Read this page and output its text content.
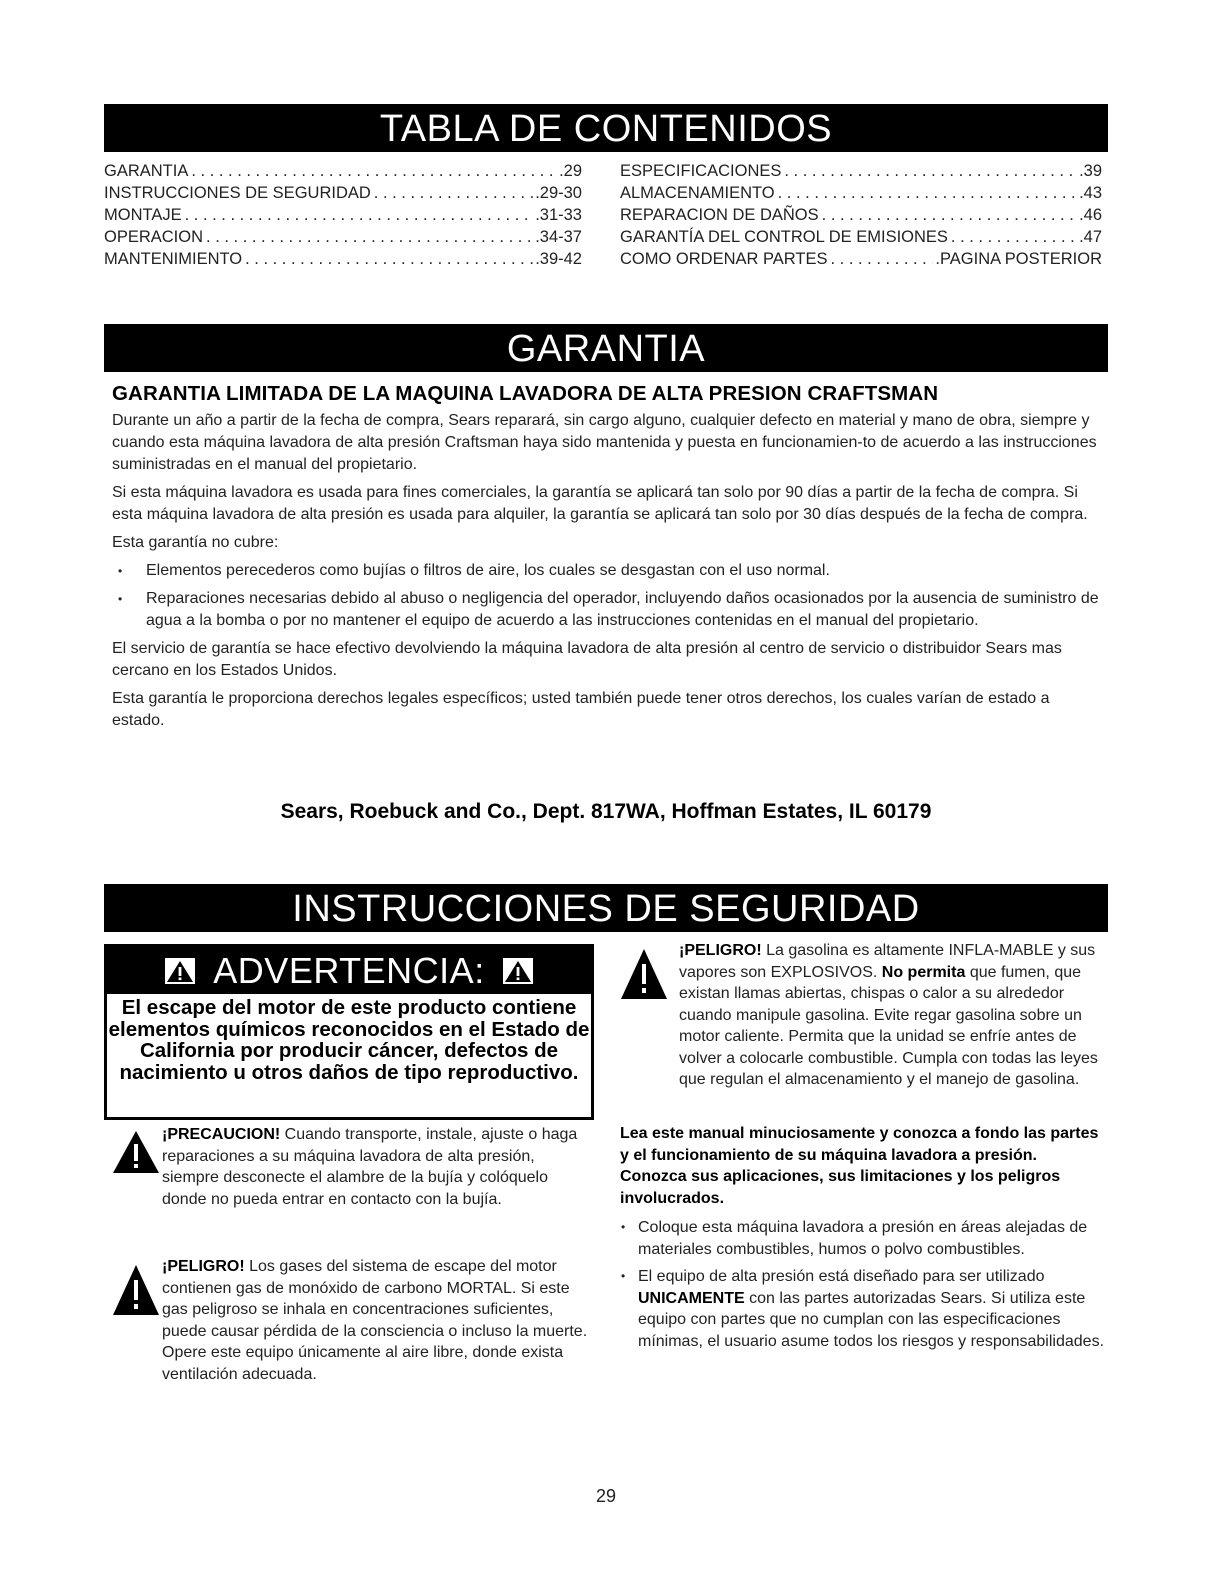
TABLA DE CONTENIDOS
GARANTIA . . .	.29
INSTRUCCIONES DE SEGURIDAD . . .	.29-30
MONTAJE . . .	.31-33
OPERACION . . .	.34-37
MANTENIMIENTO . . .	.39-42
ESPECIFICACIONES . . .	.39
ALMACENAMIENTO . . .	.43
REPARACION DE DAÑOS . . .	.46
GARANTÍA DEL CONTROL DE EMISIONES . . .	.47
COMO ORDENAR PARTES . . .	.PAGINA POSTERIOR
GARANTIA
GARANTIA LIMITADA DE LA MAQUINA LAVADORA DE ALTA PRESION CRAFTSMAN

Durante un año a partir de la fecha de compra, Sears reparará, sin cargo alguno, cualquier defecto en material y mano de obra, siempre y cuando esta máquina lavadora de alta presión Craftsman haya sido mantenida y puesta en funcionamien-to de acuerdo a las instrucciones suministradas en el manual del propietario.

Si esta máquina lavadora es usada para fines comerciales, la garantía se aplicará tan solo por 90 días a partir de la fecha de compra. Si esta máquina lavadora de alta presión es usada para alquiler, la garantía se aplicará tan solo por 30 días después de la fecha de compra.

Esta garantía no cubre:

• Elementos perecederos como bujías o filtros de aire, los cuales se desgastan con el uso normal.
• Reparaciones necesarias debido al abuso o negligencia del operador, incluyendo daños ocasionados por la ausencia de suministro de agua a la bomba o por no mantener el equipo de acuerdo a las instrucciones contenidas en el manual del propietario.

El servicio de garantía se hace efectivo devolviendo la máquina lavadora de alta presión al centro de servicio o distribuidor Sears mas cercano en los Estados Unidos.

Esta garantía le proporciona derechos legales específicos; usted también puede tener otros derechos, los cuales varían de estado a estado.

Sears, Roebuck and Co., Dept. 817WA, Hoffman Estates, IL 60179
INSTRUCCIONES DE SEGURIDAD
ADVERTENCIA:
El escape del motor de este producto contiene elementos químicos reconocidos en el Estado de California por producir cáncer, defectos de nacimiento u otros daños de tipo reproductivo.
¡PRECAUCION! Cuando transporte, instale, ajuste o haga reparaciones a su máquina lavadora de alta presión, siempre desconecte el alambre de la bujía y colóquelo donde no pueda entrar en contacto con la bujía.
¡PELIGRO! Los gases del sistema de escape del motor contienen gas de monóxido de carbono MORTAL. Si este gas peligroso se inhala en concentraciones suficientes, puede causar pérdida de la consciencia o incluso la muerte. Opere este equipo únicamente al aire libre, donde exista ventilación adecuada.
¡PELIGRO! La gasolina es altamente INFLA-MABLE y sus vapores son EXPLOSIVOS. No permita que fumen, que existan llamas abiertas, chispas o calor a su alrededor cuando manipule gasolina. Evite regar gasolina sobre un motor caliente. Permita que la unidad se enfríe antes de volver a colocarle combustible. Cumpla con todas las leyes que regulan el almacenamiento y el manejo de gasolina.

Lea este manual minuciosamente y conozca a fondo las partes y el funcionamiento de su máquina lavadora a presión. Conozca sus aplicaciones, sus limitaciones y los peligros involucrados.

• Coloque esta máquina lavadora a presión en áreas alejadas de materiales combustibles, humos o polvo combustibles.
• El equipo de alta presión está diseñado para ser utilizado UNICAMENTE con las partes autorizadas Sears. Si utiliza este equipo con partes que no cumplan con las especificaciones mínimas, el usuario asume todos los riesgos y responsabilidades.
29
